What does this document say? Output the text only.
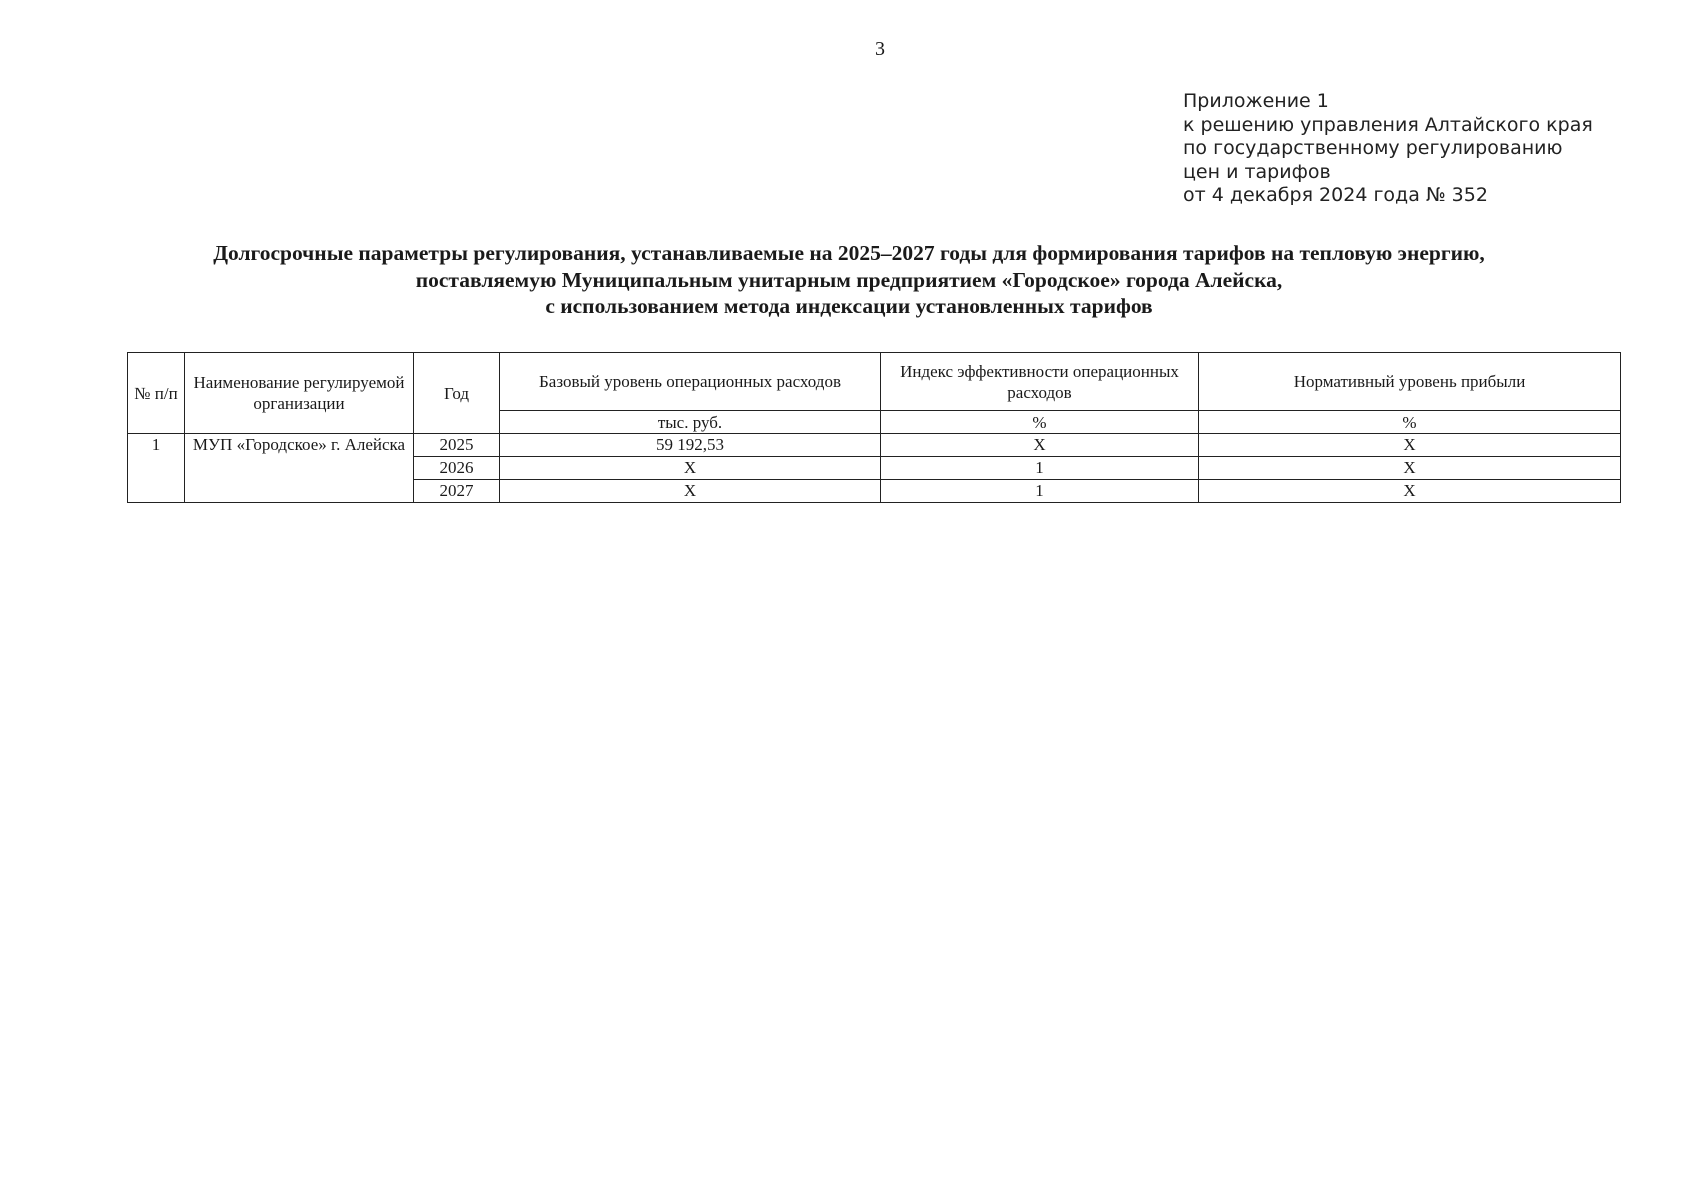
3
Приложение 1
к решению управления Алтайского края
по государственному регулированию
цен и тарифов
от 4 декабря 2024 года № 352
Долгосрочные параметры регулирования, устанавливаемые на 2025–2027 годы для формирования тарифов на тепловую энергию,
поставляемую Муниципальным унитарным предприятием «Городское» города Алейска,
с использованием метода индексации установленных тарифов
№ п/п	Наименование регулируемой организации	Год	Базовый уровень операционных расходов	Индекс эффективности операционных расходов	Нормативный уровень прибыли
			тыс. руб.	%	%
1	МУП «Городское» г. Алейска	2025	59 192,53	Х	Х
		2026	Х	1	Х
		2027	Х	1	Х
